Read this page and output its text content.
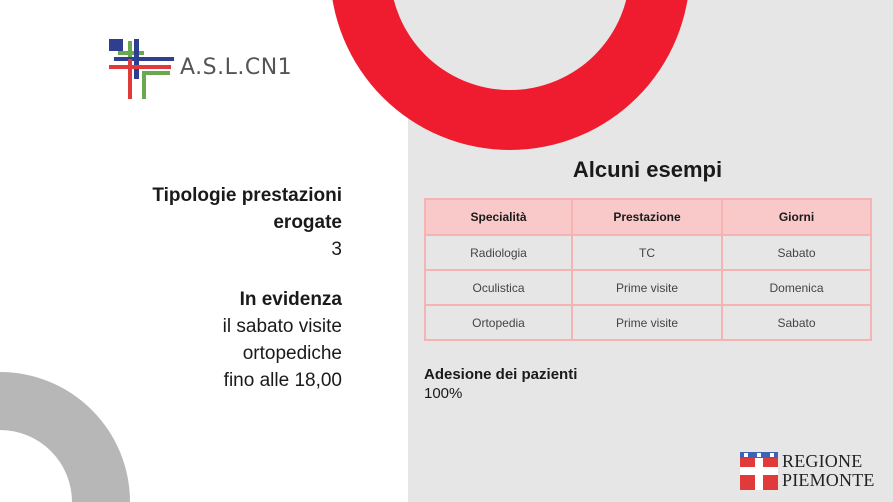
A.S.L.CN1
Tipologie prestazioni
erogate
3
In evidenza
il sabato visite
ortopediche
fino alle 18,00
Alcuni esempi
Specialità	Prestazione	Giorni
Radiologia	TC	Sabato
Oculistica	Prime visite	Domenica
Ortopedia	Prime visite	Sabato
Adesione dei pazienti
100%
REGIONE
PIEMONTE
